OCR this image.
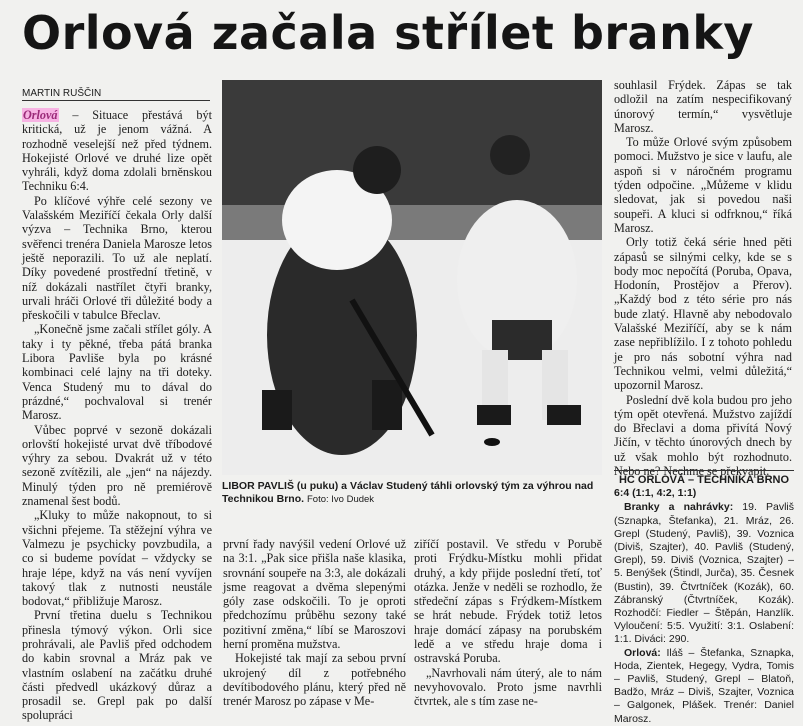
Orlová začala střílet branky
MARTIN RUŠČIN

Orlová – Situace přestává být kritická, už je jenom vážná. A rozhodně veselejší než před týdnem. Hokejisté Orlové ve druhé lize opět vyhráli, když doma zdolali brněnskou Techniku 6:4.

Po klíčové výhře celé sezony ve Valašském Meziříčí čekala Orly další výzva – Technika Brno, kterou svěřenci trenéra Daniela Marosze letos ještě neporazili. To už ale neplatí. Díky povedené prostřední třetině, v níž dokázali nastřílet čtyři branky, urvali hráči Orlové tři důležité body a přeskočili v tabulce Břeclav.

„Konečně jsme začali střílet góly. A taky i ty pěkné, třeba pátá branka Libora Pavliše byla po krásné kombinaci celé lajny na tři doteky. Venca Studený mu to dával do prázdné,“ pochvaloval si trenér Marosz.

Vůbec poprvé v sezoně dokázali orlovští hokejisté urvat dvě tříbodové výhry za sebou. Dvakrát už v této sezoně zvítězili, ale „jen“ na nájezdy. Minulý týden pro ně premiérově znamenal šest bodů.

„Kluky to může nakopnout, to si všichni přejeme. Ta stěžejní výhra ve Valmezu je psychicky povzbudila, a co si budeme povídat – vždycky se hraje lépe, když na vás není vyvíjen takový tlak z nutnosti neustále bodovat,“ přibližuje Marosz.

První třetina duelu s Technikou přinesla týmový výkon. Orli sice prohrávali, ale Pavliš před odchodem do kabin srovnal a Mráz pak ve vlastním oslabení na začátku druhé části předvedl ukázkový důraz a prosadil se. Grepl pak po další spolupráci

LIBOR PAVLIŠ (u puku) a Václav Studený táhli orlovský tým za výhrou nad Technikou Brno. Foto: Ivo Dudek

první řady navýšil vedení Orlové už na 3:1. „Pak sice přišla naše klasika, srovnání soupeře na 3:3, ale dokázali jsme reagovat a dvěma slepenými góly zase odskočili. To je oproti předchozímu průběhu sezony také pozitivní změna,“ líbí se Maroszovi herní proměna mužstva.

Hokejisté tak mají za sebou první ukrojený díl z potřebného devítibodového plánu, který před ně trenér Marosz po zápase v Me-

ziříčí postavil. Ve středu v Porubě proti Frýdku-Místku mohli přidat druhý, a kdy přijde poslední třetí, toť otázka. Jenže v neděli se rozhodlo, že středeční zápas s Frýdkem-Místkem se hrát nebude. Frýdek totiž letos hraje domácí zápasy na porubském ledě a ve středu hraje doma i ostravská Poruba.

„Navrhovali nám úterý, ale to nám nevyhovovalo. Proto jsme navrhli čtvrtek, ale s tím zase ne-

souhlasil Frýdek. Zápas se tak odložil na zatím nespecifikovaný únorový termín,“ vysvětluje Marosz.

To může Orlové svým způsobem pomoci. Mužstvo je sice v laufu, ale aspoň si v náročném programu týden odpočine. „Můžeme v klidu sledovat, jak si povedou naši soupeři. A kluci si odfrknou,“ říká Marosz.

Orly totiž čeká série hned pěti zápasů se silnými celky, kde se s body moc nepočítá (Poruba, Opava, Hodonín, Prostějov a Přerov). „Každý bod z této série pro nás bude zlatý. Hlavně aby nebodovalo Valašské Meziříčí, aby se k nám zase nepřiblížilo. I z tohoto pohledu je pro nás sobotní výhra nad Technikou velmi, velmi důležitá,“ upozornil Marosz.

Poslední dvě kola budou pro jeho tým opět otevřená. Mužstvo zajíždí do Břeclavi a doma přivítá Nový Jičín, v těchto únorových dnech by už však mohlo být rozhodnuto. Nebo ne? Nechme se překvapit.

HC ORLOVÁ – TECHNIKA BRNO
6:4 (1:1, 4:2, 1:1)

Branky a nahrávky: 19. Pavliš (Sznapka, Štefanka), 21. Mráz, 26. Grepl (Studený, Pavliš), 39. Voznica (Diviš, Szajter), 40. Pavliš (Studený, Grepl), 59. Diviš (Voznica, Szajter) – 5. Benýšek (Štindl, Jurča), 35. Česnek (Bustin), 39. Čtvrtníček (Kozák), 60. Zábranský (Čtvrtníček, Kozák). Rozhodčí: Fiedler – Štěpán, Hanzlík. Vyloučení: 5:5. Využití: 3:1. Oslabení: 1:1. Diváci: 290.

Orlová: Iláš – Štefanka, Sznapka, Hoda, Zientek, Hegegy, Vydra, Tomis – Pavliš, Studený, Grepl – Blatoň, Badžo, Mráz – Diviš, Szajter, Voznica – Galgonek, Plášek. Trenér: Daniel Marosz.
